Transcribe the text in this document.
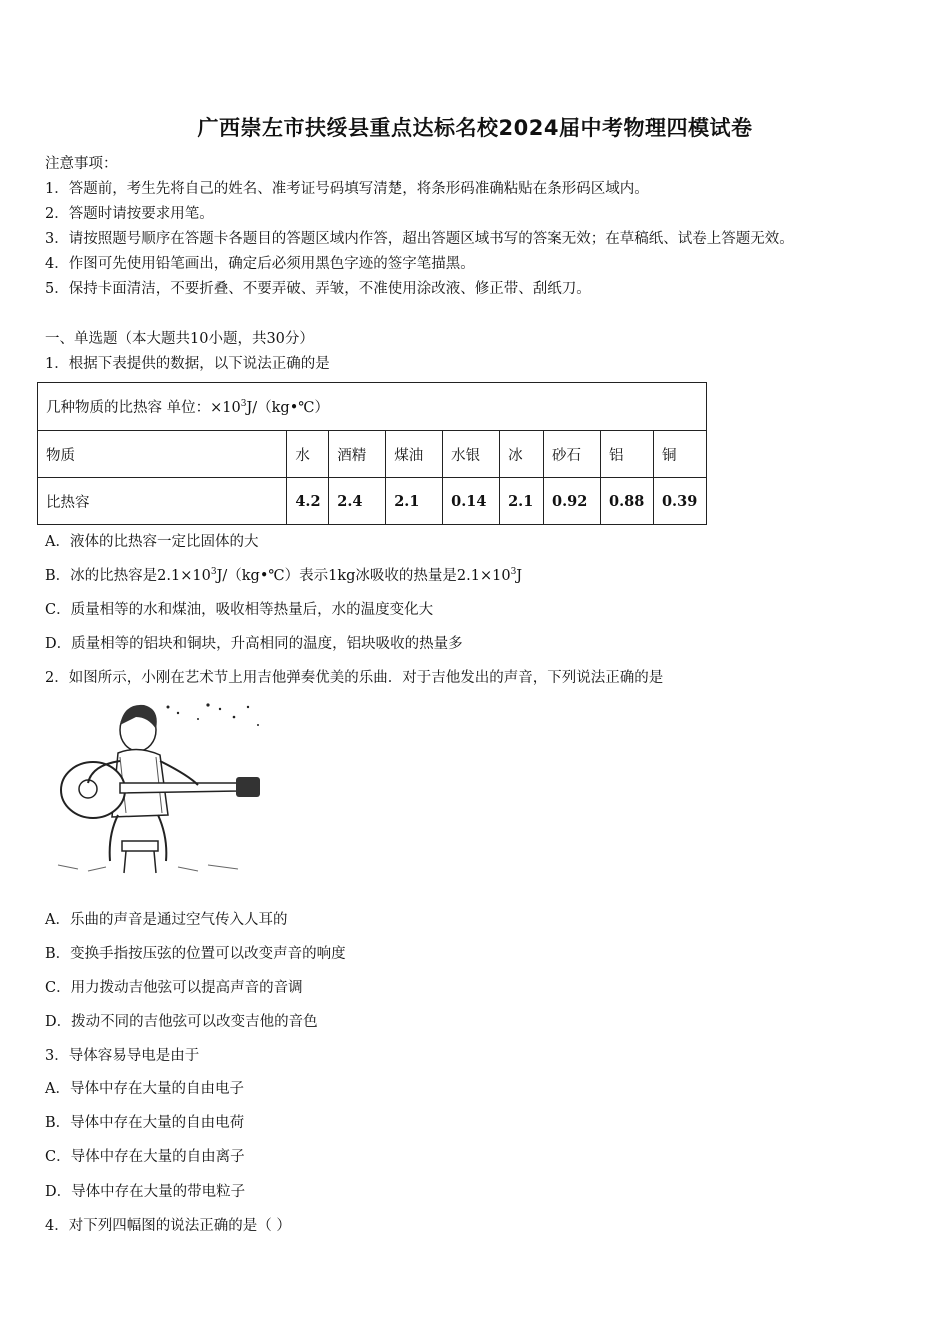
广西崇左市扶绥县重点达标名校2024届中考物理四模试卷
注意事项：
1．答题前，考生先将自己的姓名、准考证号码填写清楚，将条形码准确粘贴在条形码区域内。
2．答题时请按要求用笔。
3．请按照题号顺序在答题卡各题目的答题区域内作答，超出答题区域书写的答案无效；在草稿纸、试卷上答题无效。
4．作图可先使用铅笔画出，确定后必须用黑色字迹的签字笔描黑。
5．保持卡面清洁，不要折叠、不要弄破、弄皱，不准使用涂改液、修正带、刮纸刀。
一、单选题（本大题共10小题，共30分）
1．根据下表提供的数据，以下说法正确的是
几种物质的比热容 单位：$\times 10^3J/(kg•℃)$								
物质	水	酒精	煤油	水银	冰	砂石	铝	铜
比热容	4.2	2.4	2.1	0.14	2.1	0.92	0.88	0.39
A．液体的比热容一定比固体的大
B．冰的比热容是$2.1\times 10^3J/(kg•℃)$表示1kg冰吸收的热量是$2.1\times 10^3J$
C．质量相等的水和煤油，吸收相等热量后，水的温度变化大
D．质量相等的铝块和铜块，升高相同的温度，铝块吸收的热量多
2．如图所示，小刚在艺术节上用吉他弹奏优美的乐曲．对于吉他发出的声音，下列说法正确的是
A．乐曲的声音是通过空气传入人耳的
B．变换手指按压弦的位置可以改变声音的响度
C．用力拨动吉他弦可以提高声音的音调
D．拨动不同的吉他弦可以改变吉他的音色
3．导体容易导电是由于
A．导体中存在大量的自由电子
B．导体中存在大量的自由电荷
C．导体中存在大量的自由离子
D．导体中存在大量的带电粒子
4．对下列四幅图的说法正确的是（ ）
